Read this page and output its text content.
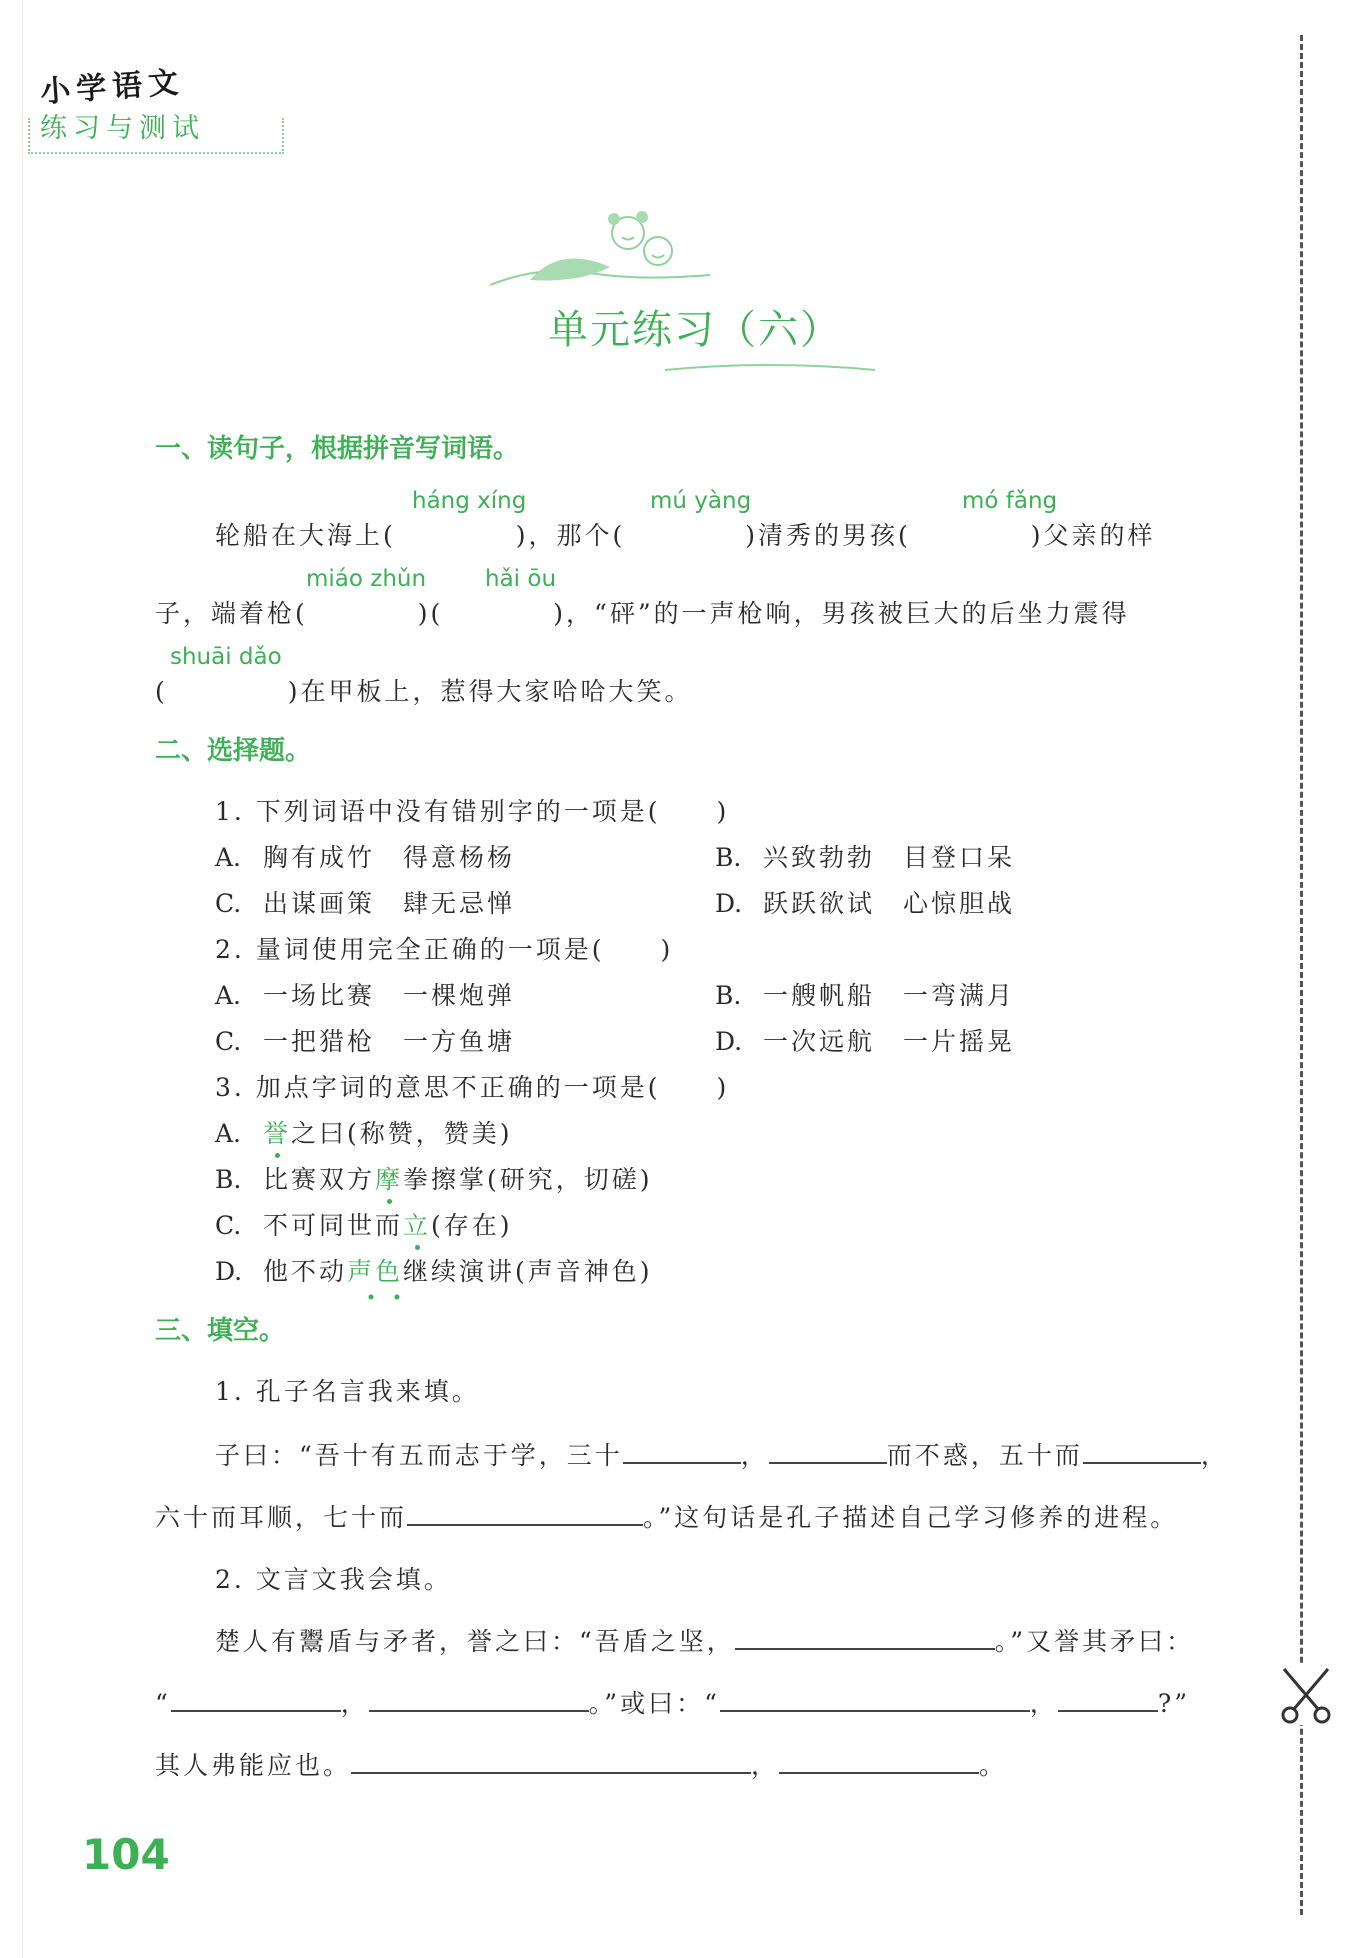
小学语文
练习与测试
单元练习（六）
一、读句子，根据拼音写词语。
háng xíng	mú yàng	mó fǎng
轮船在大海上(	)，那个(	)清秀的男孩(	)父亲的样
miáo zhǔn	hǎi ōu
子，端着枪(	)(	)，“砰”的一声枪响，男孩被巨大的后坐力震得
shuāi dǎo
(	)在甲板上，惹得大家哈哈大笑。
二、选择题。
1. 下列词语中没有错别字的一项是(　　)
A. 胸有成竹　得意杨杨	B. 兴致勃勃　目登口呆
C. 出谋画策　肆无忌惮	D. 跃跃欲试　心惊胆战
2. 量词使用完全正确的一项是(　　)
A. 一场比赛　一棵炮弹	B. 一艘帆船　一弯满月
C. 一把猎枪　一方鱼塘	D. 一次远航　一片摇晃
3. 加点字词的意思不正确的一项是(　　)
A. 誉之曰(称赞，赞美)
B. 比赛双方摩拳擦掌(研究，切磋)
C. 不可同世而立(存在)
D. 他不动声色继续演讲(声音神色)
三、填空。
1. 孔子名言我来填。
子曰：“吾十有五而志于学，三十	，	而不惑，五十而	，
六十而耳顺，七十而	。”这句话是孔子描述自己学习修养的进程。
2. 文言文我会填。
楚人有鬻盾与矛者，誉之曰：“吾盾之坚，	。”又誉其矛曰：
“	，	。”或曰：“	，	?”
其人弗能应也。	，	。
104
